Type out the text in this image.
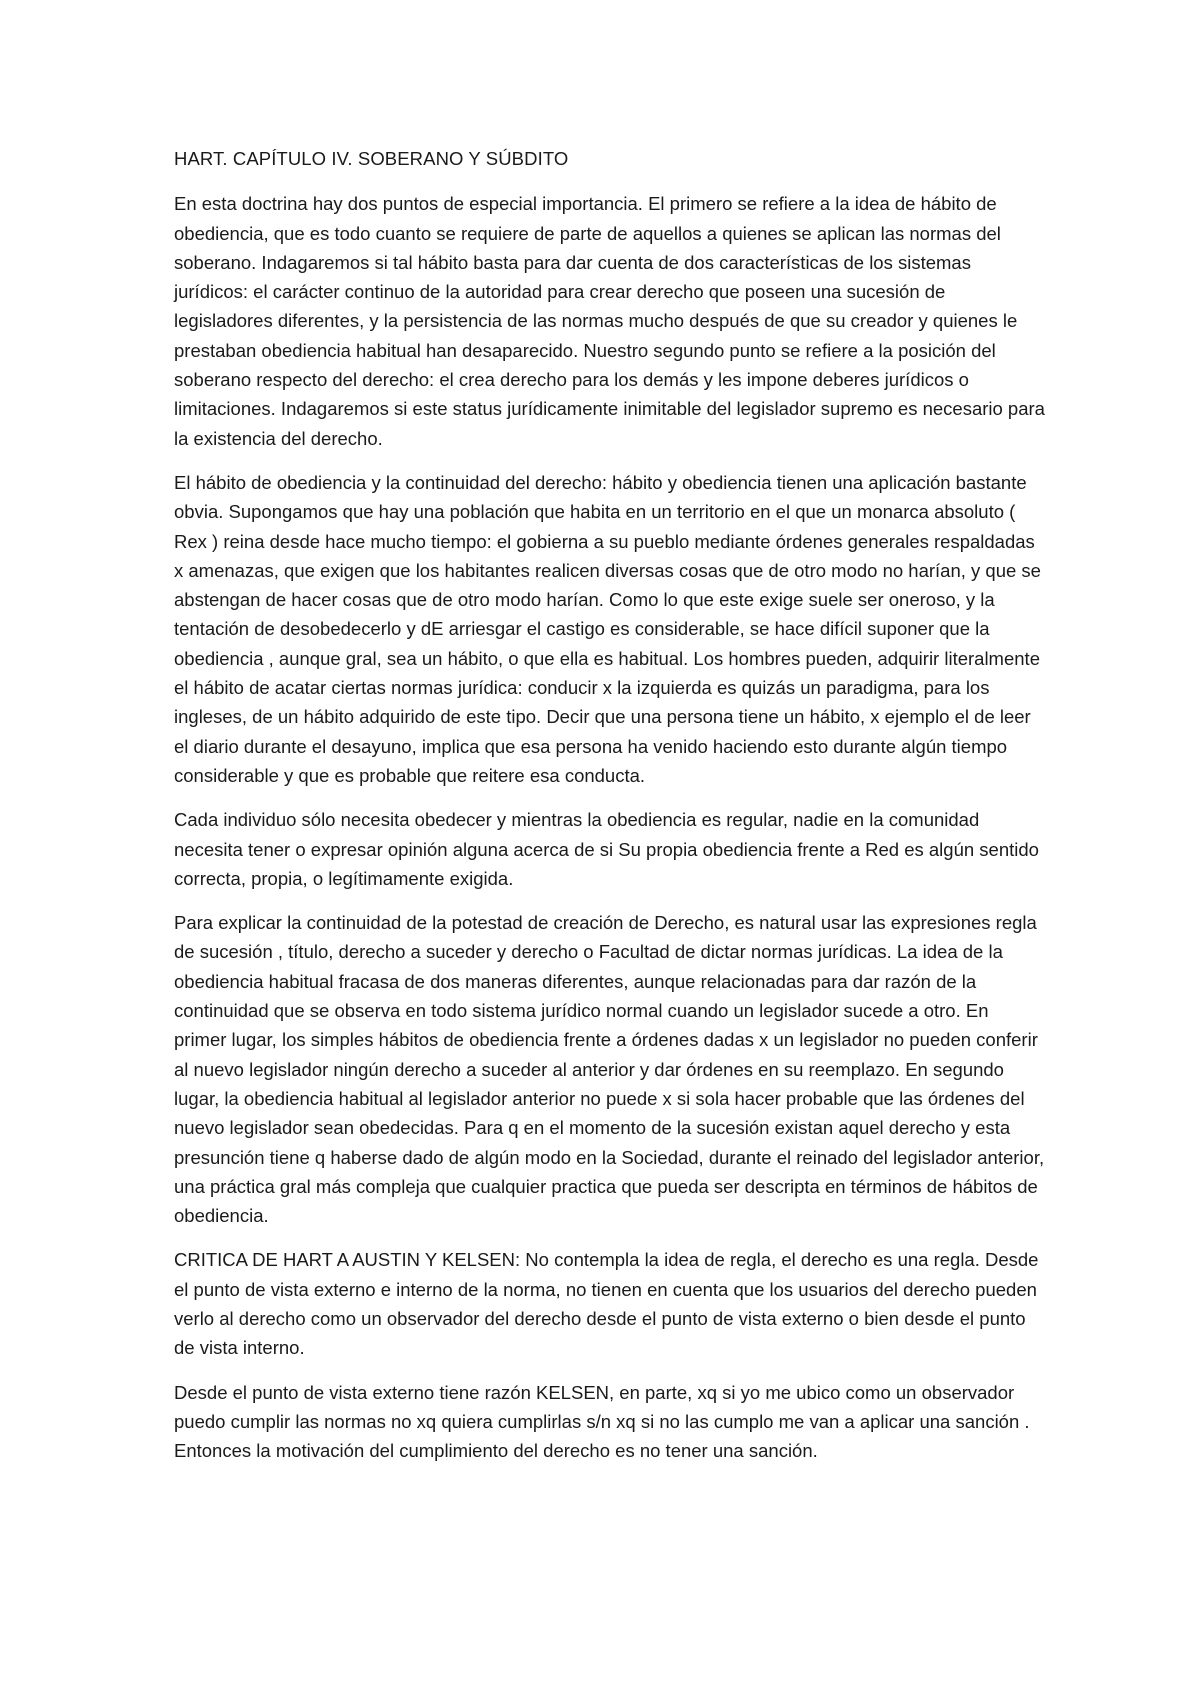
HART. CAPÍTULO IV. SOBERANO Y SÚBDITO

En esta doctrina hay dos puntos de especial importancia. El primero se refiere a la idea de hábito de obediencia, que es todo cuanto se requiere de parte de aquellos a quienes se aplican las normas del soberano. Indagaremos si tal hábito basta para dar cuenta de dos características de los sistemas jurídicos: el carácter continuo de la autoridad para crear derecho que poseen una sucesión de legisladores diferentes, y la persistencia de las normas mucho después de que su creador y quienes le prestaban obediencia habitual han desaparecido. Nuestro segundo punto se refiere a la posición del soberano respecto del derecho: el crea derecho para los demás y les impone deberes jurídicos o limitaciones. Indagaremos si este status jurídicamente inimitable del legislador supremo es necesario para la existencia del derecho.

El hábito de obediencia y la continuidad del derecho: hábito y obediencia tienen una aplicación bastante obvia. Supongamos que hay una población que habita en un territorio en el que un monarca absoluto ( Rex ) reina desde hace mucho tiempo: el gobierna a su pueblo mediante órdenes generales respaldadas x amenazas, que exigen que los habitantes realicen diversas cosas que de otro modo no harían, y que se abstengan de hacer cosas que de otro modo harían. Como lo que este exige suele ser oneroso, y la tentación de desobedecerlo y dE arriesgar el castigo es considerable, se hace difícil suponer que la obediencia , aunque gral, sea un hábito, o que ella es habitual. Los hombres pueden, adquirir literalmente el hábito de acatar ciertas normas jurídica: conducir x la izquierda es quizás un paradigma, para los ingleses, de un hábito adquirido de este tipo. Decir que una persona tiene un hábito, x ejemplo el de leer el diario durante el desayuno, implica que esa persona ha venido haciendo esto durante algún tiempo considerable y que es probable que reitere esa conducta.

Cada individuo sólo necesita obedecer y mientras la obediencia es regular, nadie en la comunidad necesita tener o expresar opinión alguna acerca de si Su propia obediencia frente a Red es algún sentido correcta, propia, o legítimamente exigida.

Para explicar la continuidad de la potestad de creación de Derecho, es natural usar las expresiones regla de sucesión , título, derecho a suceder y derecho o Facultad de dictar normas jurídicas. La idea de la obediencia habitual fracasa de dos maneras diferentes, aunque relacionadas para dar razón de la continuidad que se observa en todo sistema jurídico normal cuando un legislador sucede a otro. En primer lugar, los simples hábitos de obediencia frente a órdenes dadas x un legislador no pueden conferir al nuevo legislador ningún derecho a suceder al anterior y dar órdenes en su reemplazo. En segundo lugar, la obediencia habitual al legislador anterior no puede x si sola hacer probable que las órdenes del nuevo legislador sean obedecidas. Para q en el momento de la sucesión existan aquel derecho y esta presunción tiene q haberse dado de algún modo en la Sociedad, durante el reinado del legislador anterior, una práctica gral más compleja que cualquier practica que pueda ser descripta en términos de hábitos de obediencia.

CRITICA DE HART A AUSTIN Y KELSEN: No contempla la idea de regla, el derecho es una regla. Desde el punto de vista externo e interno de la norma, no tienen en cuenta que los usuarios del derecho pueden verlo al derecho como un observador del derecho desde el punto de vista externo o bien desde el punto de vista interno.

Desde el punto de vista externo tiene razón KELSEN, en parte, xq si yo me ubico como un observador puedo cumplir las normas no xq quiera cumplirlas s/n xq si no las cumplo me van a aplicar una sanción . Entonces la motivación del cumplimiento del derecho es no tener una sanción.
